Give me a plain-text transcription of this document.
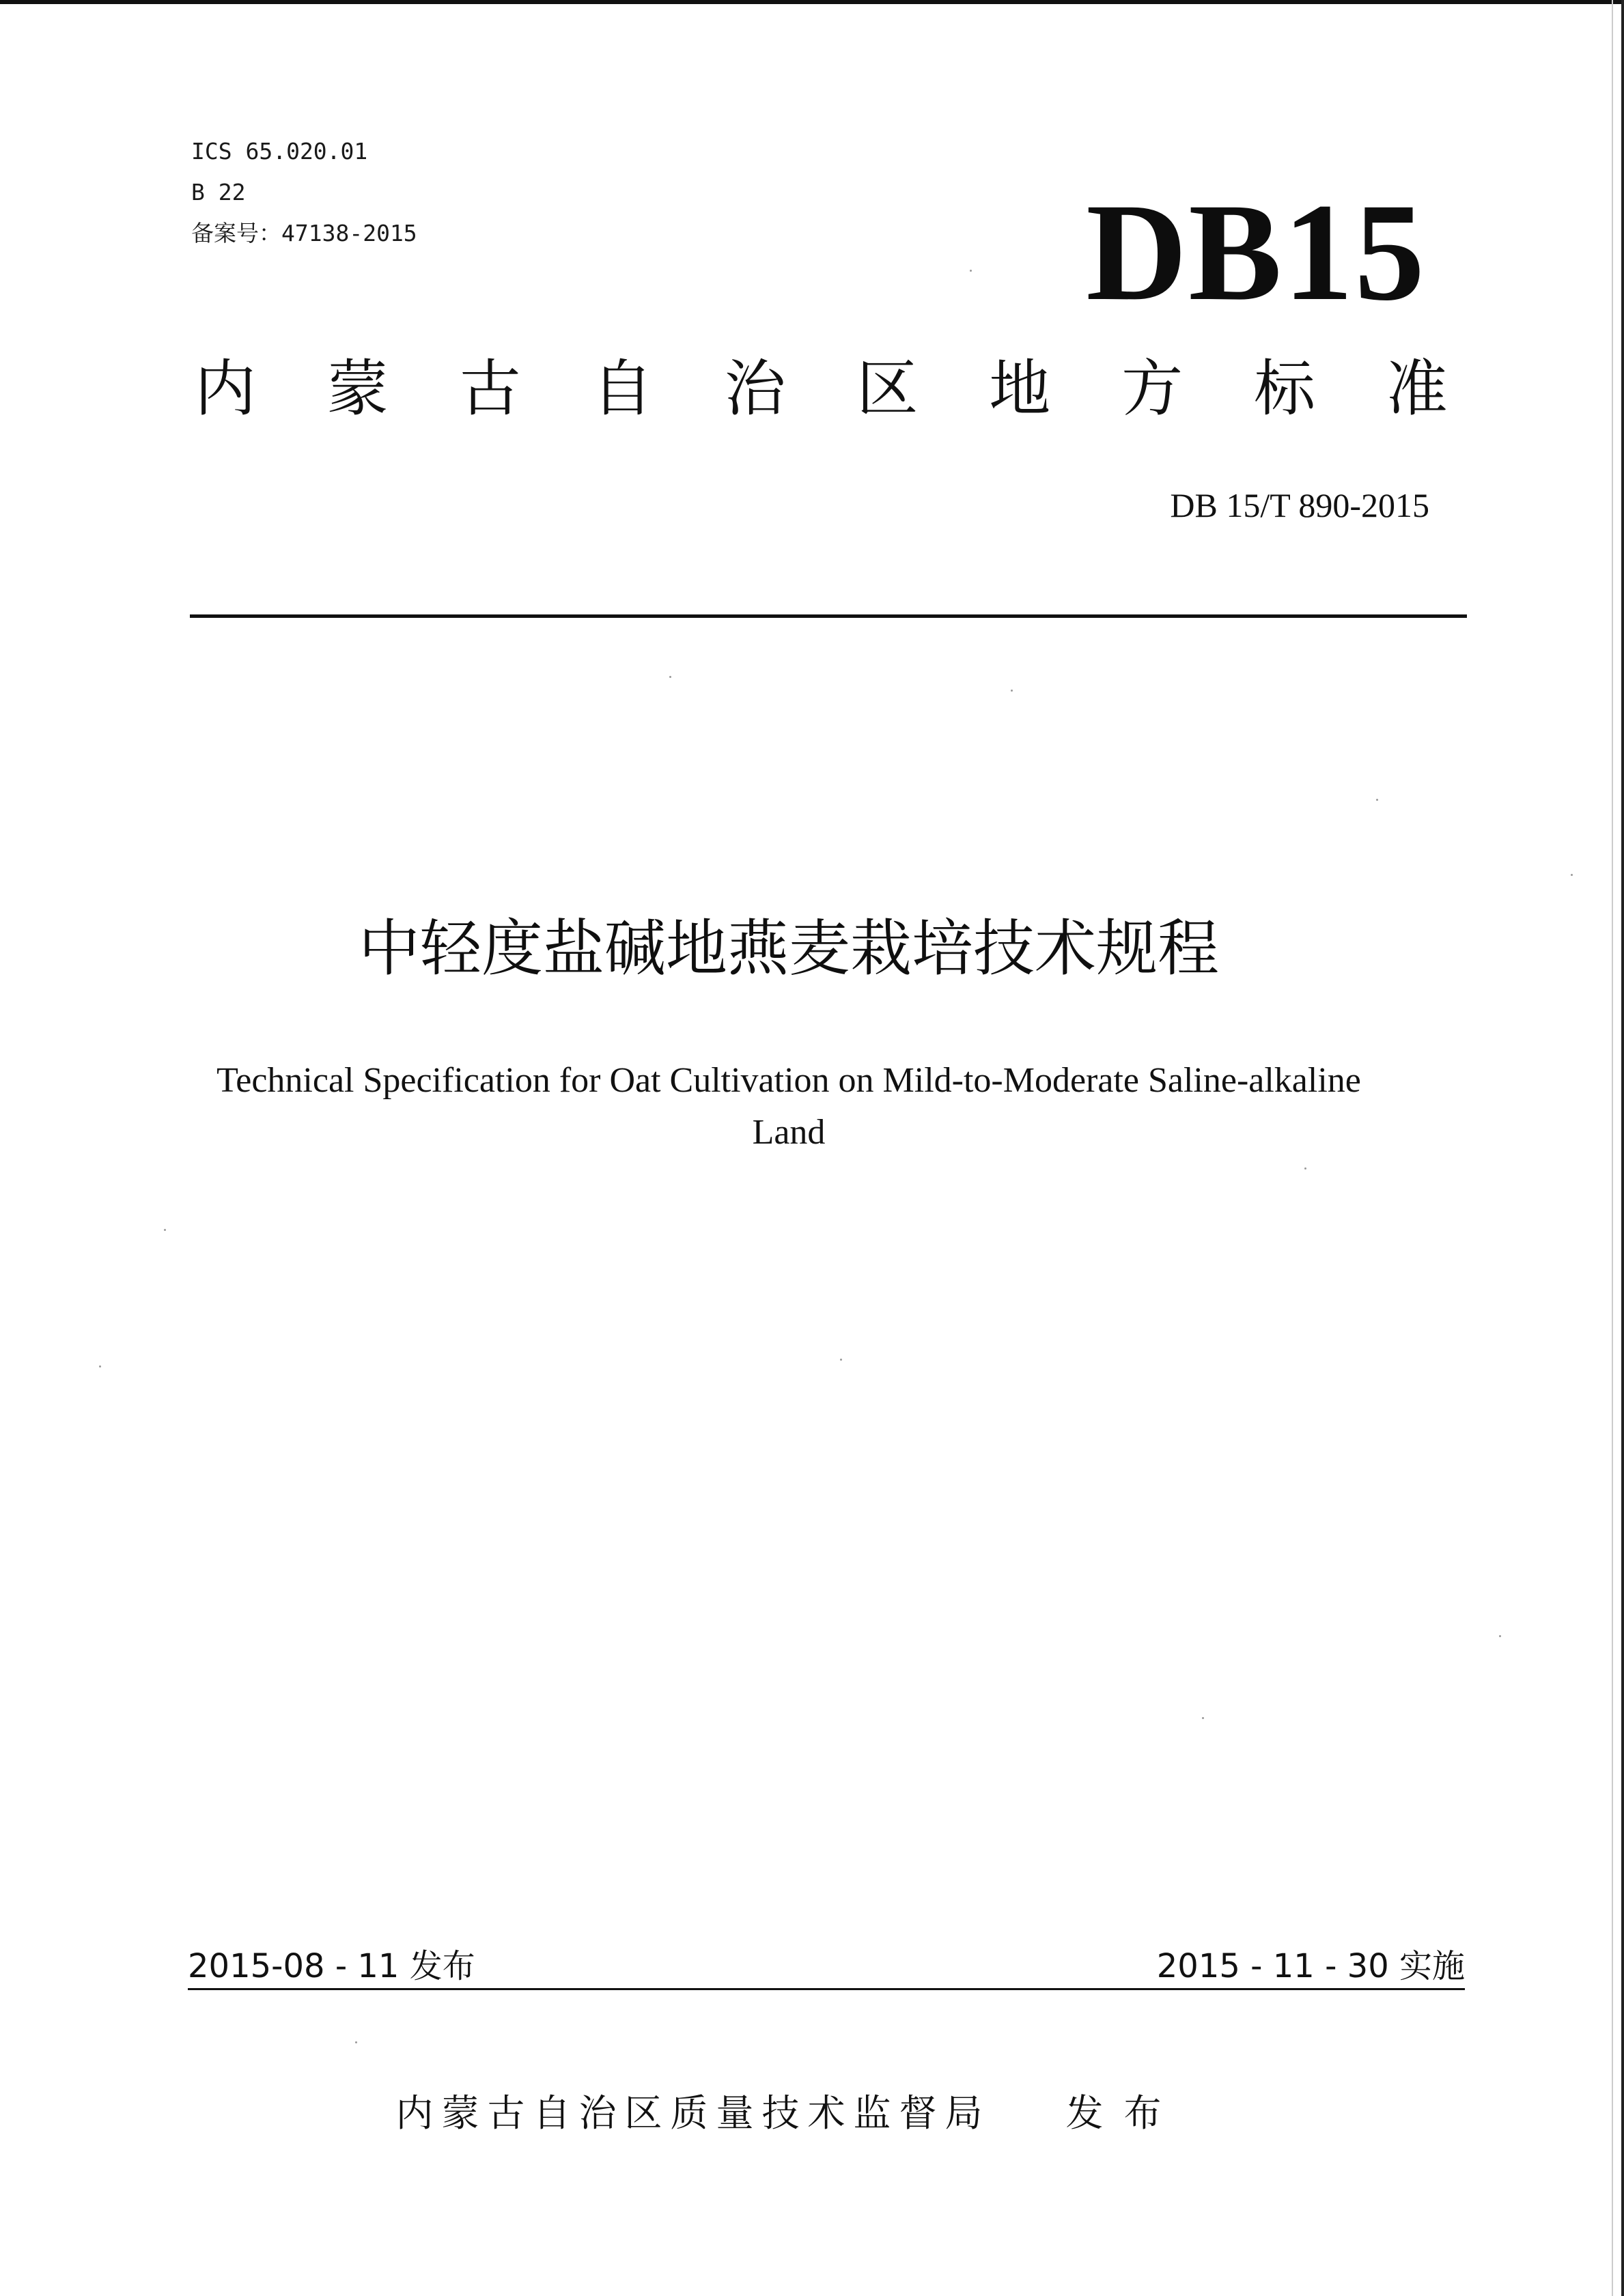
ICS 65.020.01
B 22
备案号：47138-2015	DB15
内 蒙 古 自 治 区 地 方 标 准
DB 15/T 890-2015
中轻度盐碱地燕麦栽培技术规程
Technical Specification for Oat Cultivation on Mild-to-Moderate Saline-alkaline Land
2015-08 - 11 发布	2015 - 11 - 30 实施
内蒙古自治区质量技术监督局 发布
